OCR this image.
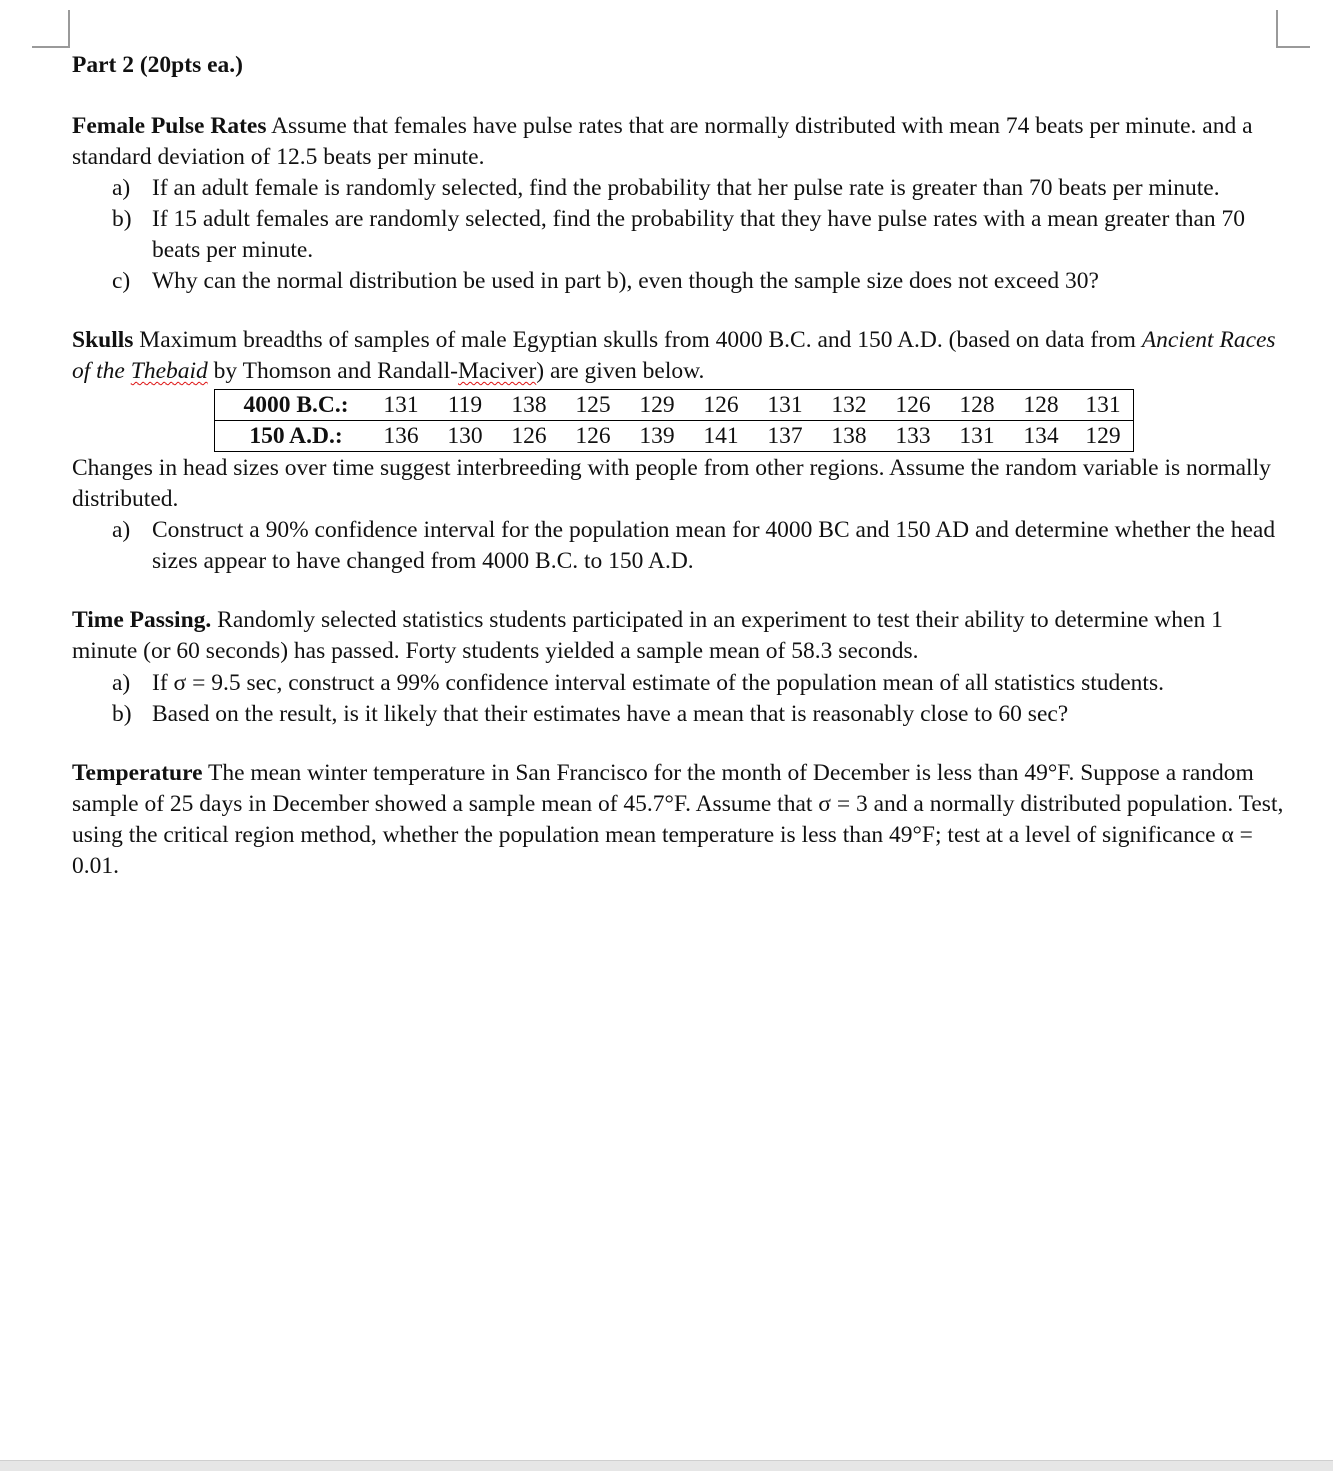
Part 2 (20pts ea.)

Female Pulse Rates Assume that females have pulse rates that are normally distributed with mean 74 beats per minute. and a standard deviation of 12.5 beats per minute.

a) If an adult female is randomly selected, find the probability that her pulse rate is greater than 70 beats per minute.
b) If 15 adult females are randomly selected, find the probability that they have pulse rates with a mean greater than 70 beats per minute.
c) Why can the normal distribution be used in part b), even though the sample size does not exceed 30?

Skulls Maximum breadths of samples of male Egyptian skulls from 4000 B.C. and 150 A.D. (based on data from Ancient Races of the Thebaid by Thomson and Randall-Maciver) are given below.

4000 B.C.:	131	119	138	125	129	126	131	132	126	128	128	131
150 A.D.:	136	130	126	126	139	141	137	138	133	131	134	129

Changes in head sizes over time suggest interbreeding with people from other regions. Assume the random variable is normally distributed.

a) Construct a 90% confidence interval for the population mean for 4000 BC and 150 AD and determine whether the head sizes appear to have changed from 4000 B.C. to 150 A.D.

Time Passing. Randomly selected statistics students participated in an experiment to test their ability to determine when 1 minute (or 60 seconds) has passed. Forty students yielded a sample mean of 58.3 seconds.

a) If σ = 9.5 sec, construct a 99% confidence interval estimate of the population mean of all statistics students.
b) Based on the result, is it likely that their estimates have a mean that is reasonably close to 60 sec?

Temperature The mean winter temperature in San Francisco for the month of December is less than 49°F. Suppose a random sample of 25 days in December showed a sample mean of 45.7°F. Assume that σ = 3 and a normally distributed population. Test, using the critical region method, whether the population mean temperature is less than 49°F; test at a level of significance α = 0.01.
